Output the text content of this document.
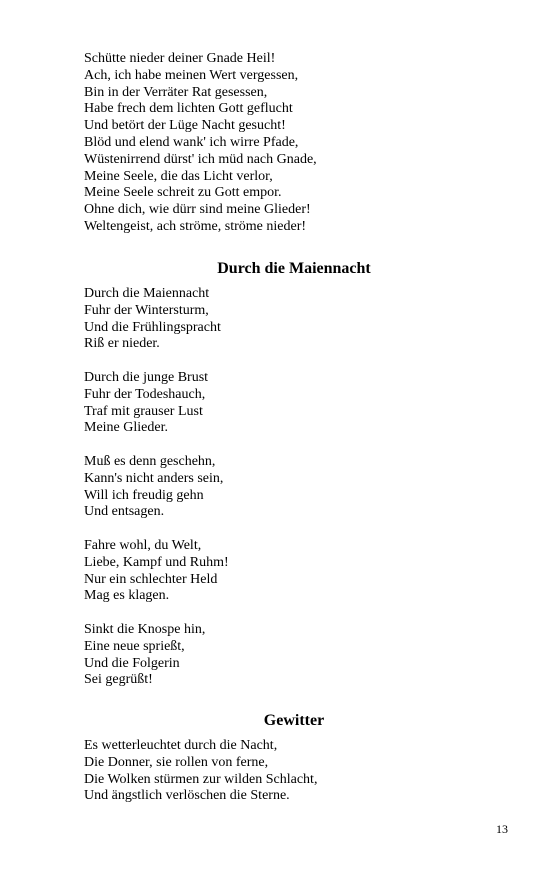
Schütte nieder deiner Gnade Heil!
Ach, ich habe meinen Wert vergessen,
Bin in der Verräter Rat gesessen,
Habe frech dem lichten Gott geflucht
Und betört der Lüge Nacht gesucht!
Blöd und elend wank' ich wirre Pfade,
Wüstenirrend dürst' ich müd nach Gnade,
Meine Seele, die das Licht verlor,
Meine Seele schreit zu Gott empor.
Ohne dich, wie dürr sind meine Glieder!
Weltengeist, ach ströme, ströme nieder!
Durch die Maiennacht
Durch die Maiennacht
Fuhr der Wintersturm,
Und die Frühlingspracht
Riß er nieder.
Durch die junge Brust
Fuhr der Todeshauch,
Traf mit grauser Lust
Meine Glieder.
Muß es denn geschehn,
Kann's nicht anders sein,
Will ich freudig gehn
Und entsagen.
Fahre wohl, du Welt,
Liebe, Kampf und Ruhm!
Nur ein schlechter Held
Mag es klagen.
Sinkt die Knospe hin,
Eine neue sprießt,
Und die Folgerin
Sei gegrüßt!
Gewitter
Es wetterleuchtet durch die Nacht,
Die Donner, sie rollen von ferne,
Die Wolken stürmen zur wilden Schlacht,
Und ängstlich verlöschen die Sterne.
13
